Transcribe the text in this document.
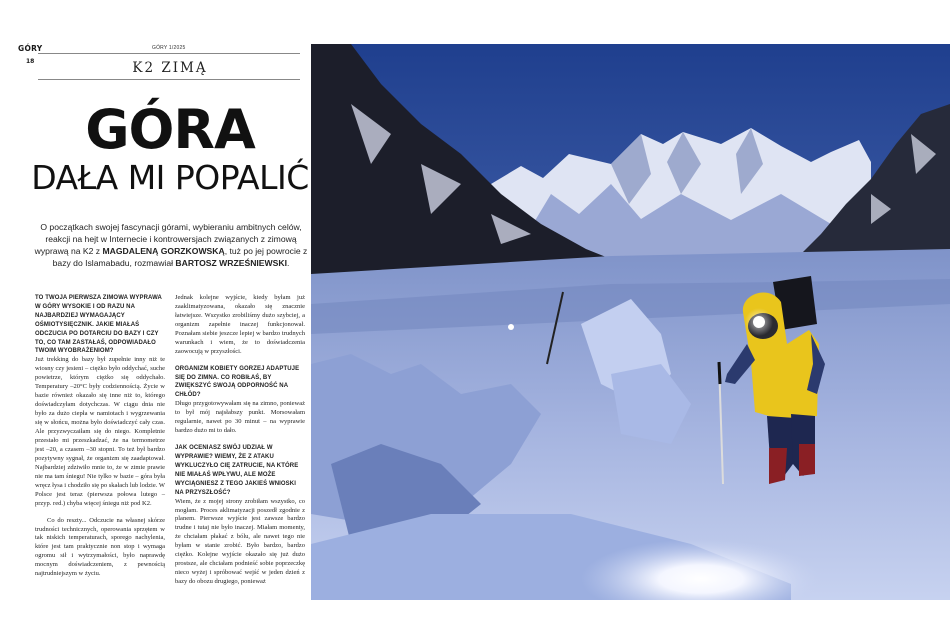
GÓRY
18
GÓRY 1/2025
K2 ZIMĄ
GÓRA
DAŁA MI POPALIĆ
O początkach swojej fascynacji górami, wybieraniu ambitnych celów, reakcji na hejt w Internecie i kontrowersjach związanych z zimową wyprawą na K2 z MAGDALENĄ GORZKOWSKĄ, tuż po jej powrocie z bazy do Islamabadu, rozmawiał BARTOSZ WRZEŚNIEWSKI.

TO TWOJA PIERWSZA ZIMOWA WYPRAWA W GÓRY WYSOKIE I OD RAZU NA NAJBARDZIEJ WYMAGAJĄCY OŚMIOTYSIĘCZNIK. JAKIE MIAŁAŚ ODCZUCIA PO DOTARCIU DO BAZY I CZY TO, CO TAM ZASTAŁAŚ, ODPOWIADAŁO TWOIM WYOBRAŻENIOM?

Już trekking do bazy był zupełnie inny niż te wiosny czy jesieni – ciężko było oddychać, suche powietrze, którym ciężko się oddychało. Temperatury –20°C były codziennością. Życie w bazie również okazało się inne niż to, którego doświadczyłam dotychczas. W ciągu dnia nie było za dużo ciepła w namiotach i wygrzewania się w słońcu, można było doświadczyć cały czas. Ale przyzwyczaiłam się do niego. Kompletnie przestało mi przeszkadzać, że na termometrze jest –20, a czasem –30 stopni. To też był bardzo pozytywny sygnał, że organizm się zaadaptował. Najbardziej zdziwiło mnie to, że w zimie prawie nie ma tam śniegu! Nie tylko w bazie – góra była wręcz łysa i chodziło się po skałach lub lodzie. W Polsce jest teraz (pierwsza połowa lutego – przyp. red.) chyba więcej śniegu niż pod K2.

Co do reszty... Odczucie na własnej skórze trudności technicznych, operowania sprzętem w tak niskich temperaturach, sporego nachylenia, które jest tam praktycznie non stop i wymaga ogromu sił i wytrzymałości, było naprawdę mocnym doświadczeniem, z pewnością najtrudniejszym w życiu.

Jednak kolejne wyjście, kiedy byłam już zaaklimatyzowana, okazało się znacznie łatwiejsze. Wszystko zrobiliśmy dużo szybciej, a organizm zapełnie inaczej funkcjonował. Poznałam siebie jeszcze lepiej w bardzo trudnych warunkach i wiem, że to doświadczenia zaowocują w przyszłości.

ORGANIZM KOBIETY GORZEJ ADAPTUJE SIĘ DO ZIMNA. CO ROBIŁAŚ, BY ZWIĘKSZYĆ SWOJĄ ODPORNOŚĆ NA CHŁÓD?

Długo przygotowywałam się na zimno, ponieważ to był mój najsłabszy punkt. Morsowałam regularnie, nawet po 30 minut – na wyprawie bardzo dużo mi to dało.

JAK OCENIASZ SWÓJ UDZIAŁ W WYPRAWIE? WIEMY, ŻE Z ATAKU WYKLUCZYŁO CIĘ ZATRUCIE, NA KTÓRE NIE MIAŁAŚ WPŁYWU, ALE MOŻE WYCIĄGNIESZ Z TEGO JAKIEŚ WNIOSKI NA PRZYSZŁOŚĆ?

Wiem, że z mojej strony zrobiłam wszystko, co mogłam. Proces aklimatyzacji poszedł zgodnie z planem. Pierwsze wyjście jest zawsze bardzo trudne i tutaj nie było inaczej. Miałam momenty, że chciałam płakać z bólu, ale nawet tego nie byłam w stanie zrobić. Było bardzo, bardzo ciężko. Kolejne wyjście okazało się już dużo prostsze, ale chciałam podnieść sobie poprzeczkę nieco wyżej i spróbować wejść w jeden dzień z bazy do obozu drugiego, ponieważ
